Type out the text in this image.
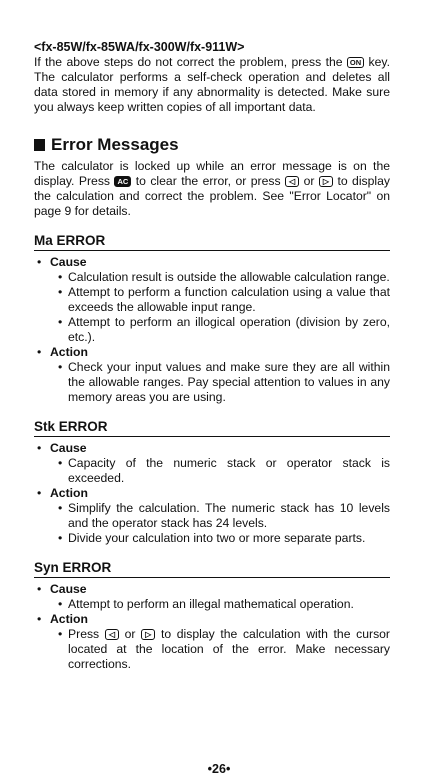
<fx-85W/fx-85WA/fx-300W/fx-911W>

If the above steps do not correct the problem, press the ON key. The calculator performs a self-check operation and deletes all data stored in memory if any abnormality is detected. Make sure you always keep written copies of all important data.

Error Messages

The calculator is locked up while an error message is on the display. Press AC to clear the error, or press ◁ or ▷ to display the calculation and correct the problem. See "Error Locator" on page 9 for details.

Ma ERROR
• Cause
• Calculation result is outside the allowable calculation range.
• Attempt to perform a function calculation using a value that exceeds the allowable input range.
• Attempt to perform an illogical operation (division by zero, etc.).
• Action
• Check your input values and make sure they are all within the allowable ranges. Pay special attention to values in any memory areas you are using.
Stk ERROR
• Cause
• Capacity of the numeric stack or operator stack is exceeded.
• Action
• Simplify the calculation. The numeric stack has 10 levels and the operator stack has 24 levels.
• Divide your calculation into two or more separate parts.
Syn ERROR
• Cause
• Attempt to perform an illegal mathematical operation.
• Action
• Press ◁ or ▷ to display the calculation with the cursor located at the location of the error. Make necessary corrections.
•26•
